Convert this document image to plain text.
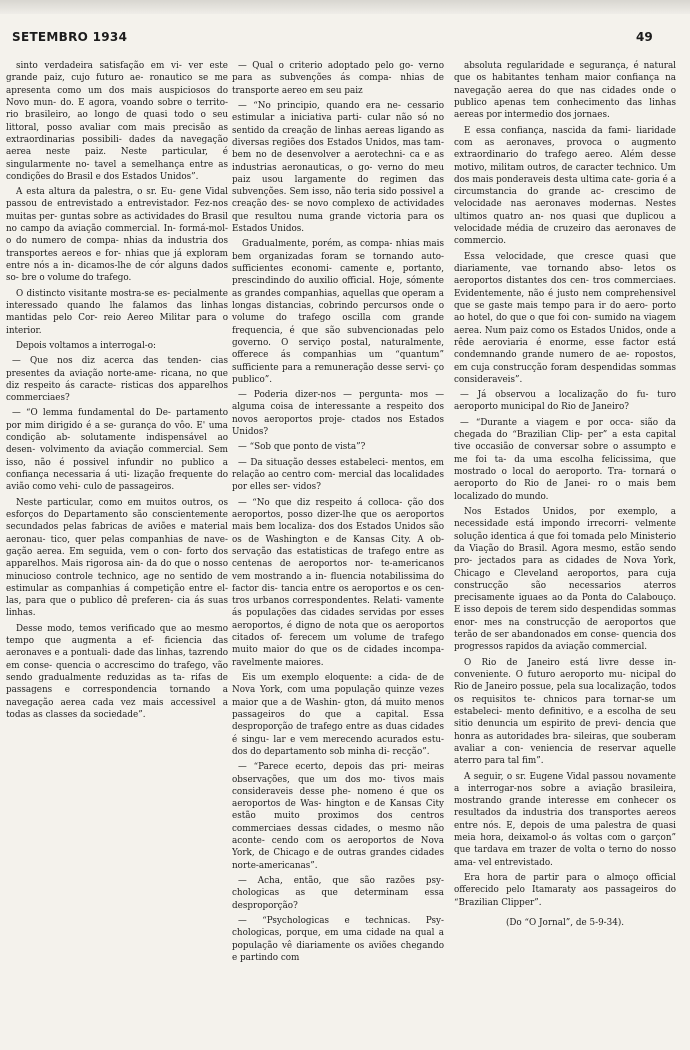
SETEMBRO 1934	49

sinto verdadeira satisfação em vi- ver este grande paiz, cujo futuro ae- ronautico se me apresenta como um dos mais auspiciosos do Novo mun- do. E agora, voando sobre o territo- rio brasileiro, ao longo de quasi todo o seu littoral, posso avaliar com mais precisão as extraordinarias possibili- dades da navegação aerea neste paiz. Neste particular, é singularmente no- tavel a semelhança entre as condições do Brasil e dos Estados Unidos”.

A esta altura da palestra, o sr. Eu- gene Vidal passou de entrevistado a entrevistador. Fez-nos muitas per- guntas sobre as actividades do Brasil no campo da aviação commercial. In- formá-mol-o do numero de compa- nhias da industria dos transportes aereos e for- nhias que já exploram entre nós a in- dicamos-lhe de cór alguns dados so- bre o volume do trafego.

O distincto visitante mostra-se es- pecialmente interessado quando lhe falamos das linhas mantidas pelo Cor- reio Aereo Militar para o interior.

Depois voltamos a interrogal-o:

— Que nos diz acerca das tenden- cias presentes da aviação norte-ame- ricana, no que diz respeito ás caracte- risticas dos apparelhos commerciaes?

— “O lemma fundamental do De- partamento por mim dirigido é a se- gurança do vôo. E' uma condição ab- solutamente indispensável ao desen- volvimento da aviação commercial. Sem isso, não é possivel infundir no publico a confiança necessaria á uti- lização frequente do avião como vehi- culo de passageiros.

Neste particular, como em muitos outros, os esforços do Departamento são conscientemente secundados pelas fabricas de aviões e material aeronau- tico, quer pelas companhias de nave- gação aerea. Em seguida, vem o con- forto dos apparelhos. Mais rigorosa ain- da do que o nosso minucioso controle technico, age no sentido de estimular as companhias á competição entre el- las, para que o publico dê preferen- cia ás suas linhas.

Desse modo, temos verificado que ao mesmo tempo que augmenta a ef- ficiencia das aeronaves e a pontuali- dade das linhas, tazrendo em conse- quencia o accrescimo do trafego, vão sendo gradualmente reduzidas as ta- rifas de passagens e correspondencia tornando a navegação aerea cada vez mais accessivel a todas as classes da sociedade”.

— Qual o criterio adoptado pelo go- verno para as subvenções ás compa- nhias de transporte aereo em seu paiz

— “No principio, quando era ne- cessario estimular a iniciativa parti- cular não só no sentido da creação de linhas aereas ligando as diversas regiões dos Estados Unidos, mas tam- bem no de desenvolver a aerotechni- ca e as industrias aeronauticas, o go- verno do meu paiz usou largamente do regimen das subvenções. Sem isso, não teria sido possivel a creação des- se novo complexo de actividades que resultou numa grande victoria para os Estados Unidos.

Gradualmente, porém, as compa- nhias mais bem organizadas foram se tornando auto-sufficientes economi- camente e, portanto, prescindindo do auxilio official. Hoje, sómente as grandes companhias, aquellas que operam a longas distancias, cobrindo percursos onde o volume do trafego oscilla com grande frequencia, é que são subvencionadas pelo governo. O serviço postal, naturalmente, offerece ás companhias um “quantum” sufficiente para a remuneração desse servi- ço publico”.

— Poderia dizer-nos — pergunta- mos — alguma coisa de interessante a respeito dos novos aeroportos proje- ctados nos Estados Unidos?

— “Sob que ponto de vista”?

— Da situação desses estabeleci- mentos, em relação ao centro com- mercial das localidades por elles ser- vidos?

— “No que diz respeito á colloca- ção dos aeroportos, posso dizer-lhe que os aeroportos mais bem localiza- dos dos Estados Unidos são os de Washington e de Kansas City. A ob- servação das estatisticas de trafego entre as centenas de aeroportos nor- te-americanos vem mostrando a in- fluencia notabilissima do factor dis- tancia entre os aeroportos e os cen- tros urbanos correspondentes. Relati- vamente ás populações das cidades servidas por esses aeroportos, é digno de nota que os aeroportos citados of- ferecem um volume de trafego muito maior do que os de cidades incompa- ravelmente maiores.

Eis um exemplo eloquente: a cida- de de Nova York, com uma população quinze vezes maior que a de Washin- gton, dá muito menos passageiros do que a capital. Essa desproporção de trafego entre as duas cidades é singu- lar e vem merecendo acurados estu- dos do departamento sob minha di- recção”.

— “Parece ecerto, depois das pri- meiras observações, que um dos mo- tivos mais consideraveis desse phe- nomeno é que os aeroportos de Was- hington e de Kansas City estão muito proximos dos centros commerciaes dessas cidades, o mesmo não aconte- cendo com os aeroportos de Nova York, de Chicago e de outras grandes cidades norte-americanas”.

— Acha, então, que são razões psy- chologicas as que determinam essa desproporção?

— “Psychologicas e technicas. Psy- chologicas, porque, em uma cidade na qual a população vê diariamente os aviões chegando e partindo com

absoluta regularidade e segurança, é natural que os habitantes tenham maior confiança na navegação aerea do que nas cidades onde o publico apenas tem conhecimento das linhas aereas por intermedio dos jornaes.

E essa confiança, nascida da fami- liaridade com as aeronaves, provoca o augmento extraordinario do trafego aereo. Além desse motivo, militam outros, de caracter technico. Um dos mais ponderaveis desta ultima cate- goria é a circumstancia do grande ac- crescimo de velocidade nas aeronaves modernas. Nestes ultimos quatro an- nos quasi que duplicou a velocidade média de cruzeiro das aeronaves de commercio.

Essa velocidade, que cresce quasi que diariamente, vae tornando abso- letos os aeroportos distantes dos cen- tros commerciaes. Evidentemente, não é justo nem comprehensivel que se gaste mais tempo para ir do aero- porto ao hotel, do que o que foi con- sumido na viagem aerea. Num paiz como os Estados Unidos, onde a rêde aeroviaria é enorme, esse factor está condemnando grande numero de ae- ropostos, em cuja construcção foram despendidas sommas consideraveis”.

— Já observou a localização do fu- turo aeroporto municipal do Rio de Janeiro?

— “Durante a viagem e por occa- sião da chegada do “Brazilian Clip- per” a esta capital tive occasião de conversar sobre o assumpto e me foi ta- da uma escolha felicissima, que mostrado o local do aeroporto. Tra- tornará o aeroporto do Rio de Janei- ro o mais bem localizado do mundo.

Nos Estados Unidos, por exemplo, a necessidade está impondo irrecorri- velmente solução identica á que foi tomada pelo Ministerio da Viação do Brasil. Agora mesmo, estão sendo pro- jectados para as cidades de Nova York, Chicago e Cleveland aeroportos, para cuja construcção são necessarios aterros precisamente iguaes ao da Ponta do Calabouço. E isso depois de terem sido despendidas sommas enor- mes na construcção de aeroportos que terão de ser abandonados em conse- quencia dos progressos rapidos da aviação commercial.

O Rio de Janeiro está livre desse in- conveniente. O futuro aeroporto mu- nicipal do Rio de Janeiro possue, pela sua localização, todos os requisitos te- chnicos para tornar-se um estabeleci- mento definitivo, e a escolha de seu sitio denuncia um espirito de previ- dencia que honra as autoridades bra- sileiras, que souberam avaliar a con- veniencia de reservar aquelle aterro para tal fim”.

A seguir, o sr. Eugene Vidal passou novamente a interrogar-nos sobre a aviação brasileira, mostrando grande interesse em conhecer os resultados da industria dos transportes aereos entre nós. E, depois de uma palestra de quasi meia hora, deixamol-o ás voltas com o garçon” que tardava em trazer de volta o terno do nosso ama- vel entrevistado.

Era hora de partir para o almoço official offerecido pelo Itamaraty aos passageiros do “Brazilian Clipper”.

(Do “O Jornal”, de 5-9-34).
